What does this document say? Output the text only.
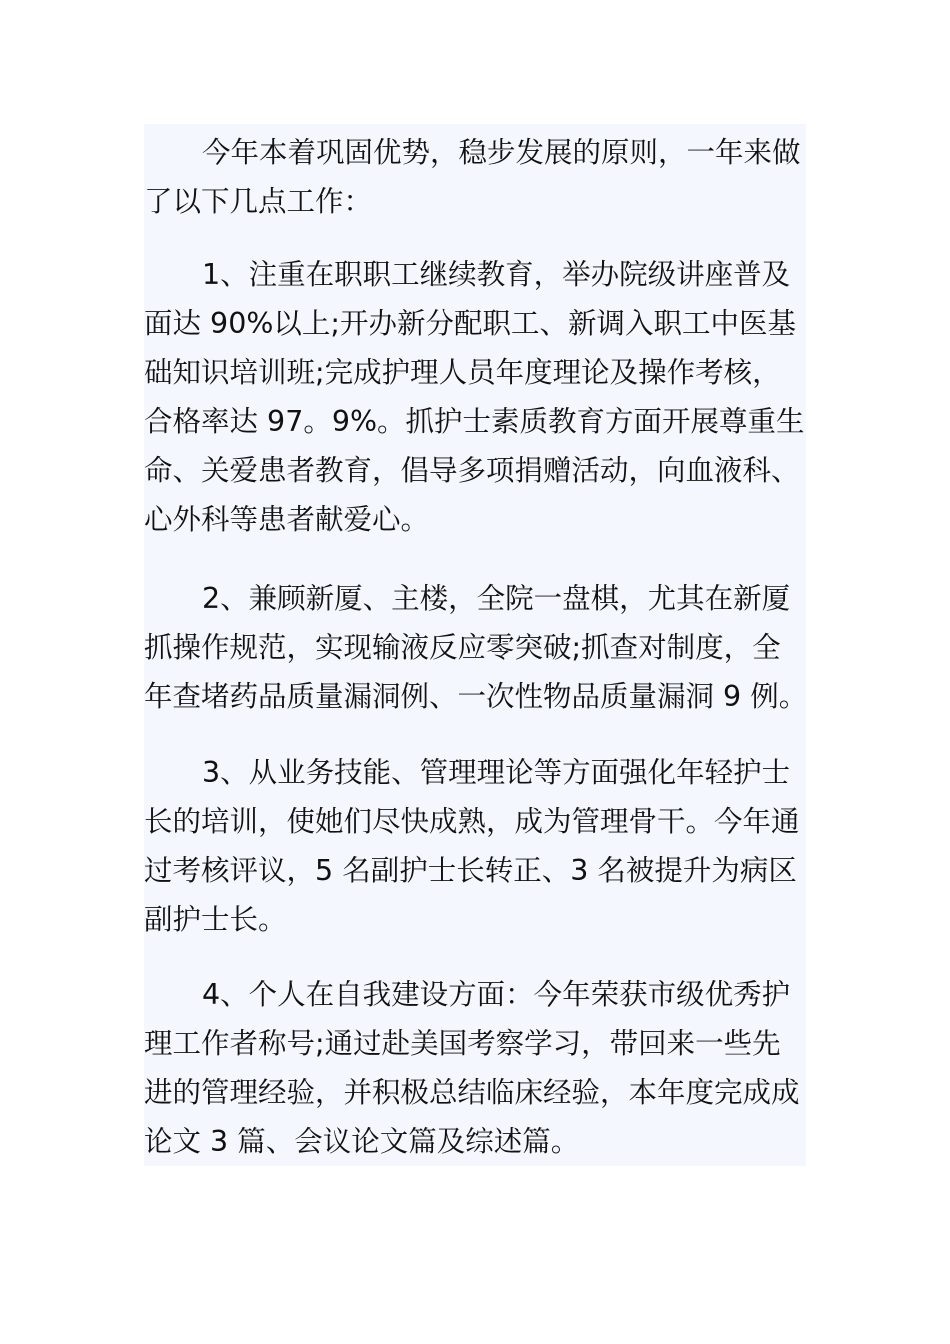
今年本着巩固优势，稳步发展的原则，一年来做
了以下几点工作：
1、注重在职职工继续教育，举办院级讲座普及
面达 90%以上;开办新分配职工、新调入职工中医基
础知识培训班;完成护理人员年度理论及操作考核，
合格率达 97。9%。抓护士素质教育方面开展尊重生
命、关爱患者教育，倡导多项捐赠活动，向血液科、
心外科等患者献爱心。
2、兼顾新厦、主楼，全院一盘棋，尤其在新厦
抓操作规范，实现输液反应零突破;抓查对制度，全
年查堵药品质量漏洞例、一次性物品质量漏洞 9 例。
3、从业务技能、管理理论等方面强化年轻护士
长的培训，使她们尽快成熟，成为管理骨干。今年通
过考核评议，5 名副护士长转正、3 名被提升为病区
副护士长。
4、个人在自我建设方面：今年荣获市级优秀护
理工作者称号;通过赴美国考察学习，带回来一些先
进的管理经验，并积极总结临床经验，本年度完成成
论文 3 篇、会议论文篇及综述篇。
